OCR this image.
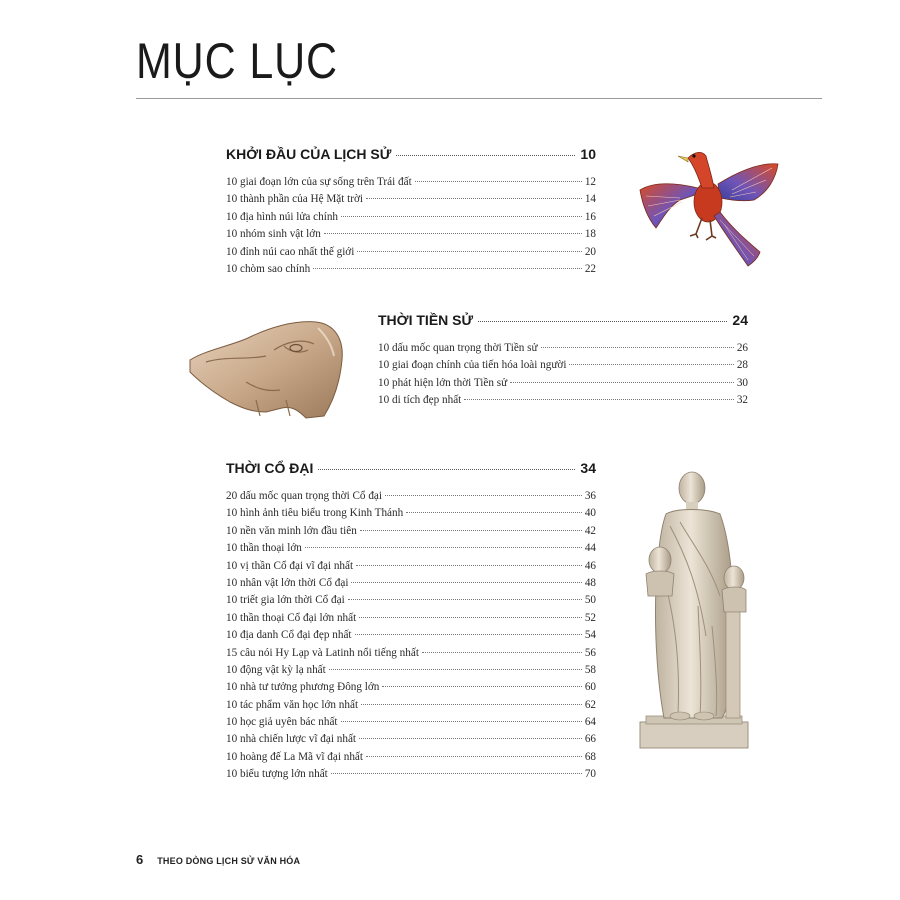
MỤC LỤC
KHỞI ĐẦU CỦA LỊCH SỬ	10
10 giai đoạn lớn của sự sống trên Trái đất	12
10 thành phần của Hệ Mặt trời	14
10 địa hình núi lửa chính	16
10 nhóm sinh vật lớn	18
10 đỉnh núi cao nhất thế giới	20
10 chòm sao chính	22
THỜI TIỀN SỬ	24
10 dấu mốc quan trọng thời Tiền sử	26
10 giai đoạn chính của tiến hóa loài người	28
10 phát hiện lớn thời Tiền sử	30
10 di tích đẹp nhất	32
THỜI CỔ ĐẠI	34
20 dấu mốc quan trọng thời Cổ đại	36
10 hình ảnh tiêu biểu trong Kinh Thánh	40
10 nền văn minh lớn đầu tiên	42
10 thần thoại lớn	44
10 vị thần Cổ đại vĩ đại nhất	46
10 nhân vật lớn thời Cổ đại	48
10 triết gia lớn thời Cổ đại	50
10 thần thoại Cổ đại lớn nhất	52
10 địa danh Cổ đại đẹp nhất	54
15 câu nói Hy Lạp và Latinh nổi tiếng nhất	56
10 động vật kỳ lạ nhất	58
10 nhà tư tưởng phương Đông lớn	60
10 tác phẩm văn học lớn nhất	62
10 học giả uyên bác nhất	64
10 nhà chiến lược vĩ đại nhất	66
10 hoàng đế La Mã vĩ đại nhất	68
10 biểu tượng lớn nhất	70
6 THEO DÒNG LỊCH SỬ VĂN HÓA
